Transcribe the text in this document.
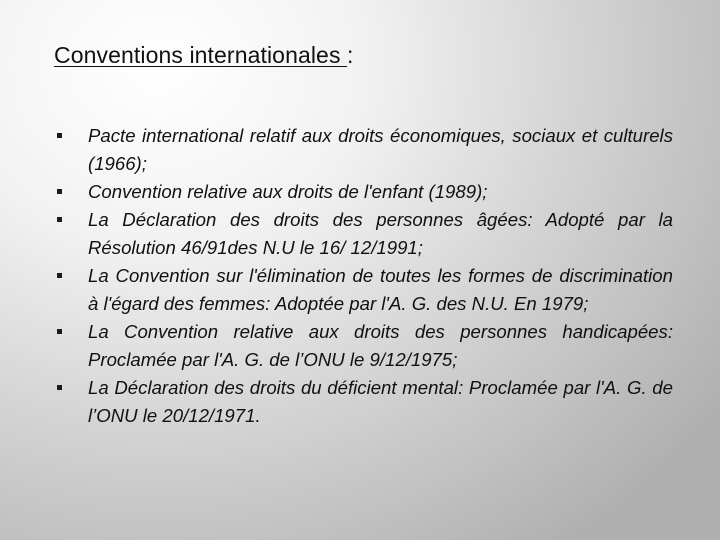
Conventions internationales :
Pacte international relatif aux droits économiques, sociaux et culturels (1966);
Convention relative aux droits de l'enfant (1989);
La Déclaration des droits des personnes âgées: Adopté par la Résolution 46/91des N.U le 16/ 12/1991;
La Convention sur l'élimination de toutes les formes de discrimination à l'égard des femmes: Adoptée par l'A. G. des N.U. En 1979;
La Convention relative aux droits des personnes handicapées: Proclamée par l'A. G. de l’ONU le 9/12/1975;
La Déclaration des droits du déficient mental: Proclamée par l'A. G. de l’ONU le 20/12/1971.
